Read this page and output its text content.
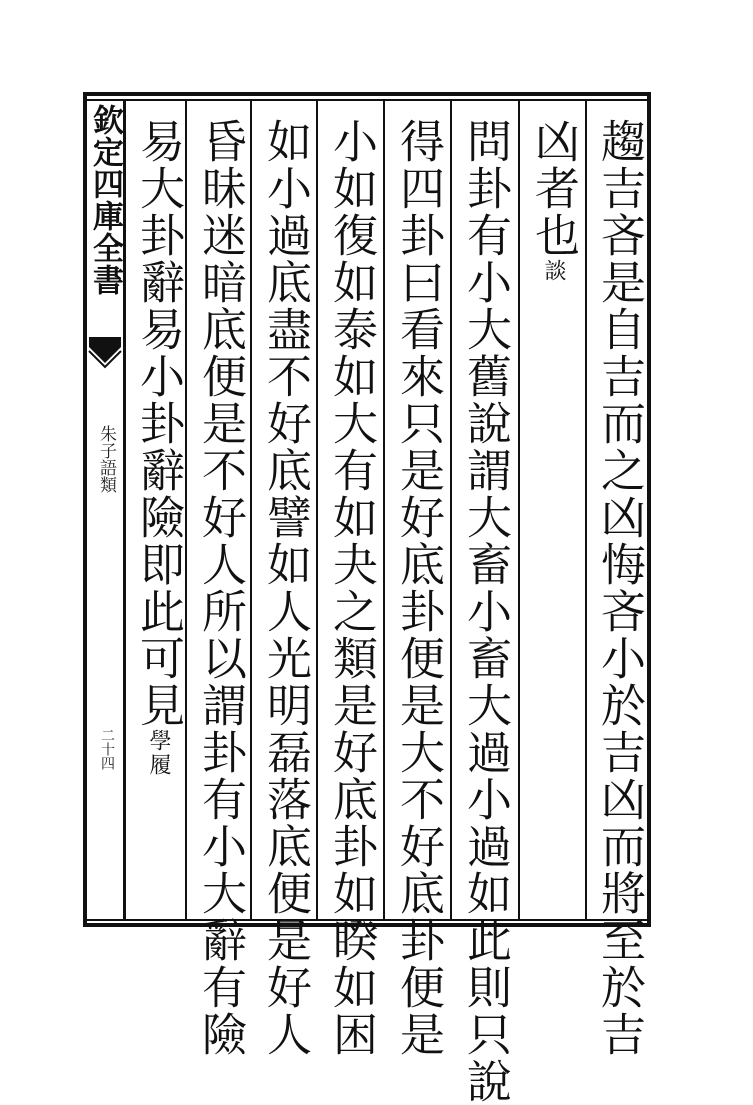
欽定四庫全書
朱子語類
二十四	趨吉吝是自吉而之凶悔吝小於吉凶而將至於吉
凶者也談
問卦有小大舊說謂大畜小畜大過小過如此則只說
得四卦曰看來只是好底卦便是大不好底卦便是
小如復如泰如大有如夬之類是好底卦如睽如困
如小過底盡不好底譬如人光明磊落底便是好人
昏昧迷暗底便是不好人所以謂卦有小大辭有險
易大卦辭易小卦辭險即此可見學履
